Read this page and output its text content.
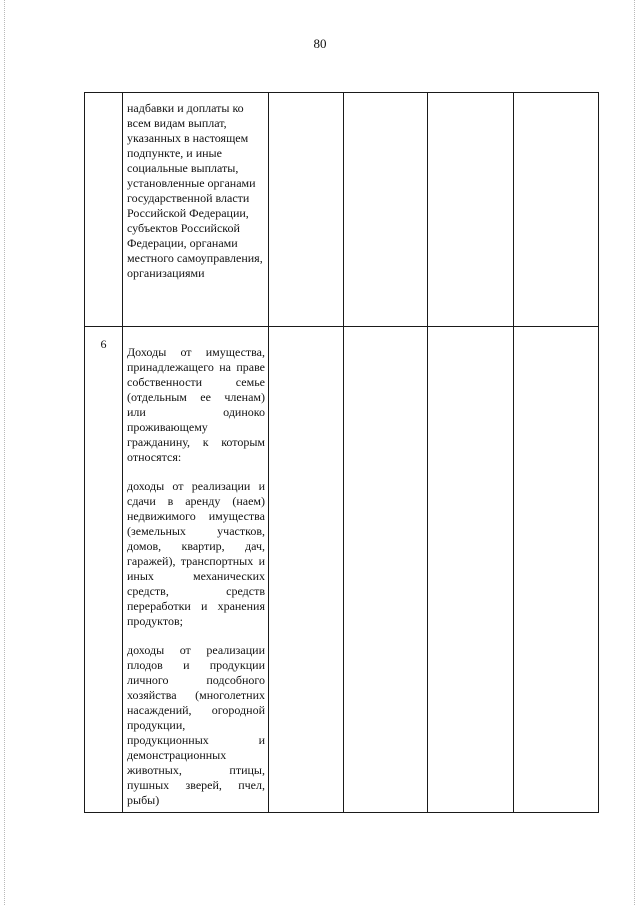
80

	надбавки и доплаты ко всем видам выплат, указанных в настоящем подпункте, и иные социальные выплаты, установленные органами государственной власти Российской Федерации, субъектов Российской Федерации, органами местного самоуправления, организациями				

6	Доходы от имущества, принадлежащего на праве собственности семье (отдельным ее членам) или одиноко проживающему гражданину, к которым относятся:
доходы от реализации и сдачи в аренду (наем) недвижимого имущества (земельных участков, домов, квартир, дач, гаражей), транспортных и иных механических средств, средств переработки и хранения продуктов;
доходы от реализации плодов и продукции личного подсобного хозяйства (многолетних насаждений, огородной продукции, продукционных и демонстрационных животных, птицы, пушных зверей, пчел, рыбы)				
